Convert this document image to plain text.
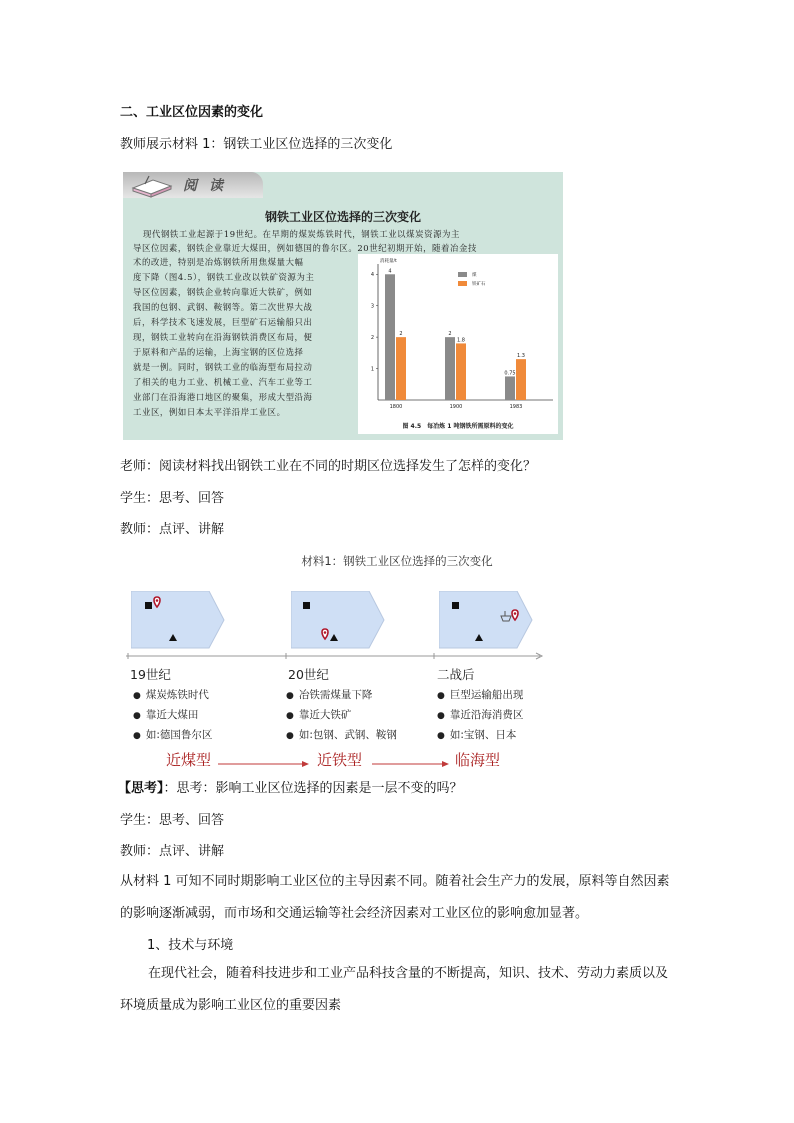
二、工业区位因素的变化

教师展示材料 1：钢铁工业区位选择的三次变化

阅读
钢铁工业区位选择的三次变化
现代钢铁工业起源于19世纪。在早期的煤炭炼铁时代，钢铁工业以煤炭资源为主
导区位因素，钢铁企业靠近大煤田，例如德国的鲁尔区。20世纪初期开始，随着冶金技
术的改进，特别是冶炼钢铁所用焦煤量大幅
度下降（图4.5），钢铁工业改以铁矿资源为主
导区位因素，钢铁企业转向靠近大铁矿，例如
我国的包钢、武钢、鞍钢等。第二次世界大战
后，科学技术飞速发展，巨型矿石运输船只出
现，钢铁工业转向在沿海钢铁消费区布局，便
于原料和产品的运输，上海宝钢的区位选择
就是一例。同时，钢铁工业的临海型布局拉动
了相关的电力工业、机械工业、汽车工业等工
业部门在沿海港口地区的聚集，形成大型沿海
工业区，例如日本太平洋沿岸工业区。
消耗量/t
1
2
3
4
4
2
1800
2
1.8
1900
0.75
1.3
1983
煤
铁矿石
图 4.5　每冶炼 1 吨钢铁所需原料的变化

老师：阅读材料找出钢铁工业在不同的时期区位选择发生了怎样的变化？

学生：思考、回答

教师：点评、讲解

材料1：钢铁工业区位选择的三次变化
19世纪	20世纪	二战后
● 煤炭炼铁时代
● 靠近大煤田
● 如:德国鲁尔区
● 冶铁需煤量下降
● 靠近大铁矿
● 如:包钢、武钢、鞍钢
● 巨型运输船出现
● 靠近沿海消费区
● 如:宝钢、日本
近煤型	近铁型	临海型

【思考】：思考：影响工业区位选择的因素是一层不变的吗？

学生：思考、回答

教师：点评、讲解

从材料 1 可知不同时期影响工业区位的主导因素不同。随着社会生产力的发展，原料等自然因素的影响逐渐减弱，而市场和交通运输等社会经济因素对工业区位的影响愈加显著。

1、技术与环境

在现代社会，随着科技进步和工业产品科技含量的不断提高，知识、技术、劳动力素质以及环境质量成为影响工业区位的重要因素
